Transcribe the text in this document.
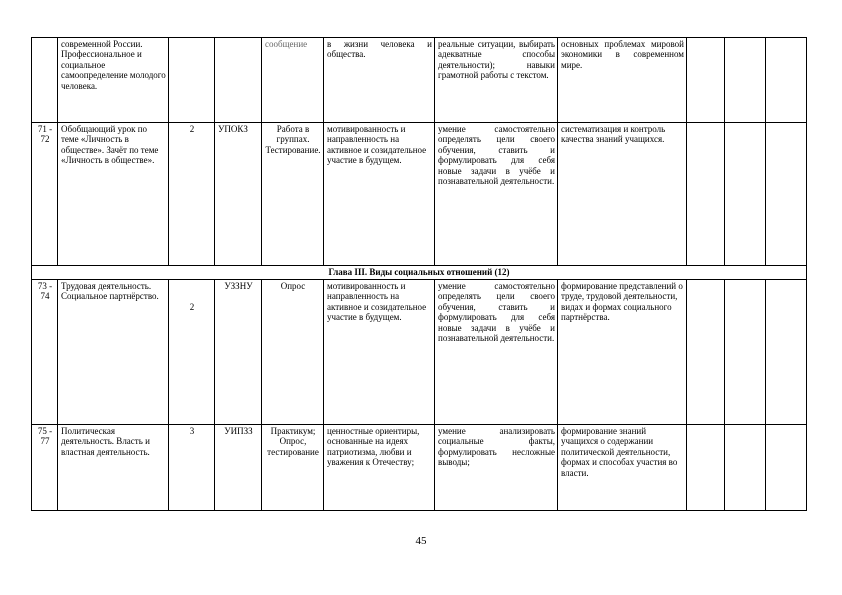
	современной России. Профессиональное и социальное самоопределение молодого человека.			сообщение	в жизни человека и общества.	реальные ситуации, выбирать адекватные способы деятельности); навыки грамотной работы с текстом.	основных проблемах мировой экономики в современном мире.			
71 - 72	Обобщающий урок по теме «Личность в обществе». Зачёт по теме «Личность в обществе».	2	УПОКЗ	Работа в группах. Тестирование.	мотивированность и направленность на активное и созидательное участие в будущем.	умение самостоятельно определять цели своего обучения, ставить и формулировать для себя новые задачи в учёбе и познавательной деятельности.	систематизация и контроль качества знаний учащихся.			
Глава III. Виды социальных отношений (12)										
73 - 74	Трудовая деятельность. Социальное партнёрство.	2	УЗЗНУ	Опрос	мотивированность и направленность на активное и созидательное участие в будущем.	умение самостоятельно определять цели своего обучения, ставить и формулировать для себя новые задачи в учёбе и познавательной деятельности.	формирование представлений о труде, трудовой деятельности, видах и формах социального партнёрства.			
75 - 77	Политическая деятельность. Власть и властная деятельность.	3	УИПЗЗ	Практикум; Опрос, тестирование	ценностные ориентиры, основанные на идеях патриотизма, любви и уважения к Отечеству;	умение анализировать социальные факты, формулировать несложные выводы;	формирование знаний учащихся о содержании политической деятельности, формах и способах участия во власти.			
45
